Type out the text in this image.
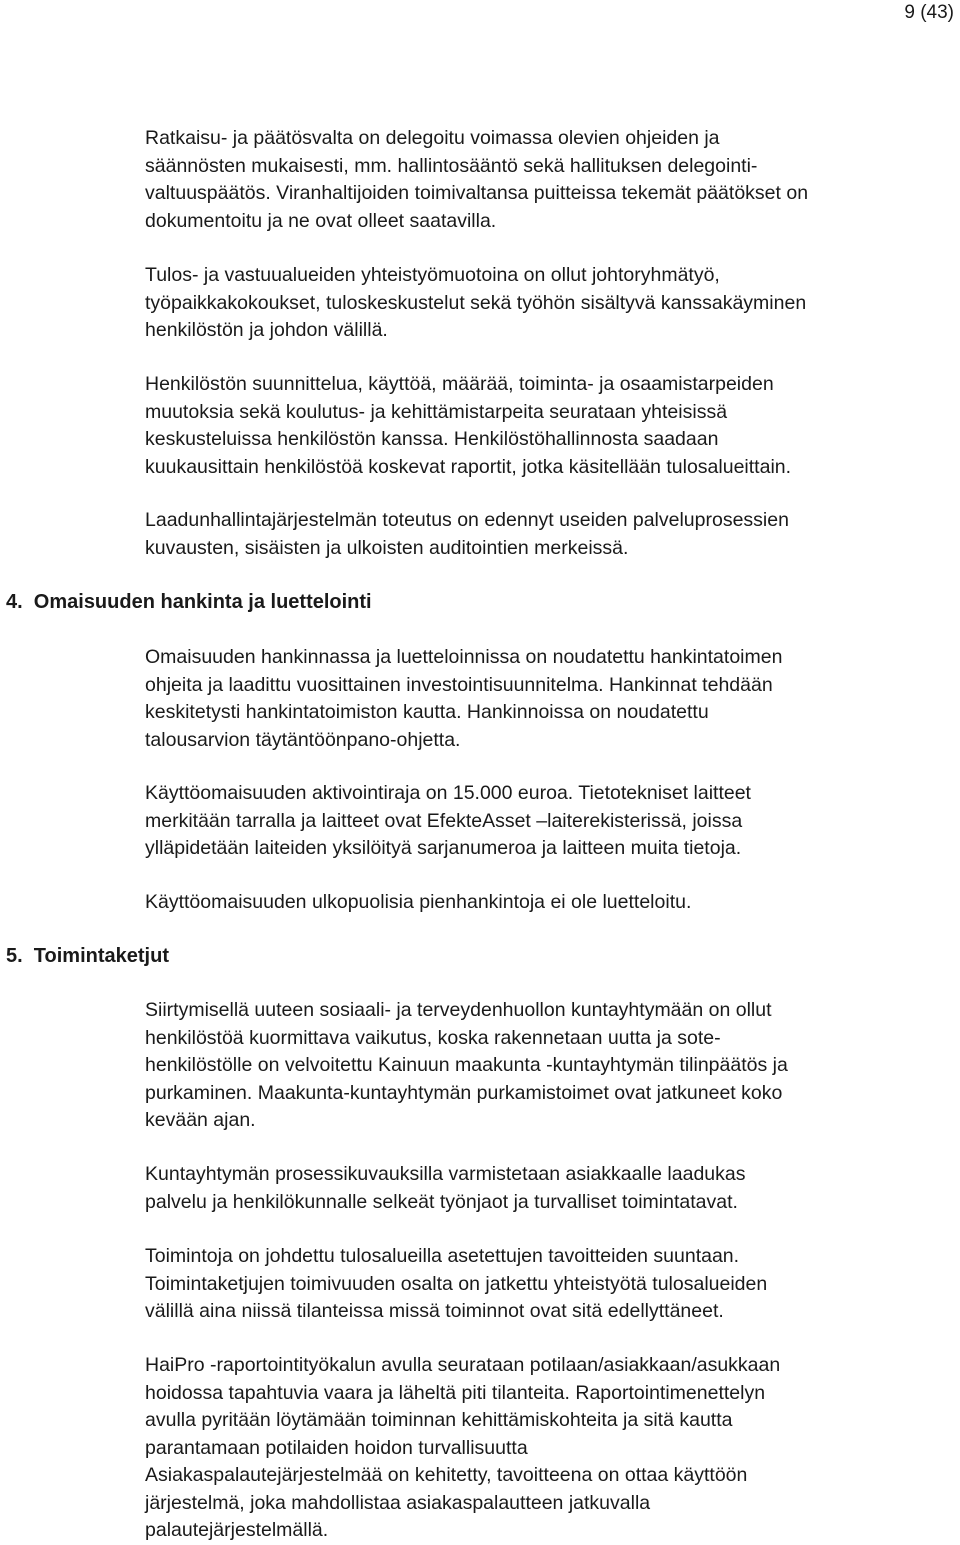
9 (43)
Ratkaisu- ja päätösvalta on delegoitu voimassa olevien ohjeiden ja
säännösten mukaisesti, mm. hallintosääntö sekä hallituksen delegointi-
valtuuspäätös. Viranhaltijoiden toimivaltansa puitteissa tekemät päätökset on
dokumentoitu ja ne ovat olleet saatavilla.
Tulos- ja vastuualueiden yhteistyömuotoina on ollut johtoryhmätyö,
työpaikkakokoukset, tuloskeskustelut sekä työhön sisältyvä kanssakäyminen
henkilöstön ja johdon välillä.
Henkilöstön suunnittelua, käyttöä, määrää, toiminta- ja osaamistarpeiden
muutoksia sekä koulutus- ja kehittämistarpeita seurataan yhteisissä
keskusteluissa henkilöstön kanssa. Henkilöstöhallinnosta saadaan
kuukausittain henkilöstöä koskevat raportit, jotka käsitellään tulosalueittain.
Laadunhallintajärjestelmän toteutus on edennyt useiden palveluprosessien
kuvausten, sisäisten ja ulkoisten auditointien merkeissä.
4.  Omaisuuden hankinta ja luettelointi
Omaisuuden hankinnassa ja luetteloinnissa on noudatettu hankintatoimen
ohjeita ja laadittu vuosittainen investointisuunnitelma. Hankinnat tehdään
keskitetysti hankintatoimiston kautta. Hankinnoissa on noudatettu
talousarvion täytäntöönpano-ohjetta.
Käyttöomaisuuden aktivointiraja on 15.000 euroa. Tietotekniset laitteet
merkitään tarralla ja laitteet ovat EfekteAsset –laiterekisterissä, joissa
ylläpidetään laiteiden yksilöityä sarjanumeroa ja laitteen muita tietoja.
Käyttöomaisuuden ulkopuolisia pienhankintoja ei ole luetteloitu.
5.  Toimintaketjut
Siirtymisellä uuteen sosiaali- ja terveydenhuollon kuntayhtymään on ollut
henkilöstöä kuormittava vaikutus, koska rakennetaan uutta ja sote-
henkilöstölle on velvoitettu Kainuun maakunta -kuntayhtymän tilinpäätös ja
purkaminen. Maakunta-kuntayhtymän purkamistoimet ovat jatkuneet koko
kevään ajan.
Kuntayhtymän prosessikuvauksilla varmistetaan asiakkaalle laadukas
palvelu ja henkilökunnalle selkeät työnjaot ja turvalliset toimintatavat.
Toimintoja on johdettu tulosalueilla asetettujen tavoitteiden suuntaan.
Toimintaketjujen toimivuuden osalta on jatkettu yhteistyötä tulosalueiden
välillä aina niissä tilanteissa missä toiminnot ovat sitä edellyttäneet.
HaiPro -raportointityökalun avulla seurataan potilaan/asiakkaan/asukkaan
hoidossa tapahtuvia vaara ja läheltä piti tilanteita. Raportointimenettelyn
avulla pyritään löytämään toiminnan kehittämiskohteita ja sitä kautta
parantamaan potilaiden hoidon turvallisuutta
Asiakaspalautejärjestelmää on kehitetty, tavoitteena on ottaa käyttöön
järjestelmä, joka mahdollistaa asiakaspalautteen jatkuvalla
palautejärjestelmällä.
